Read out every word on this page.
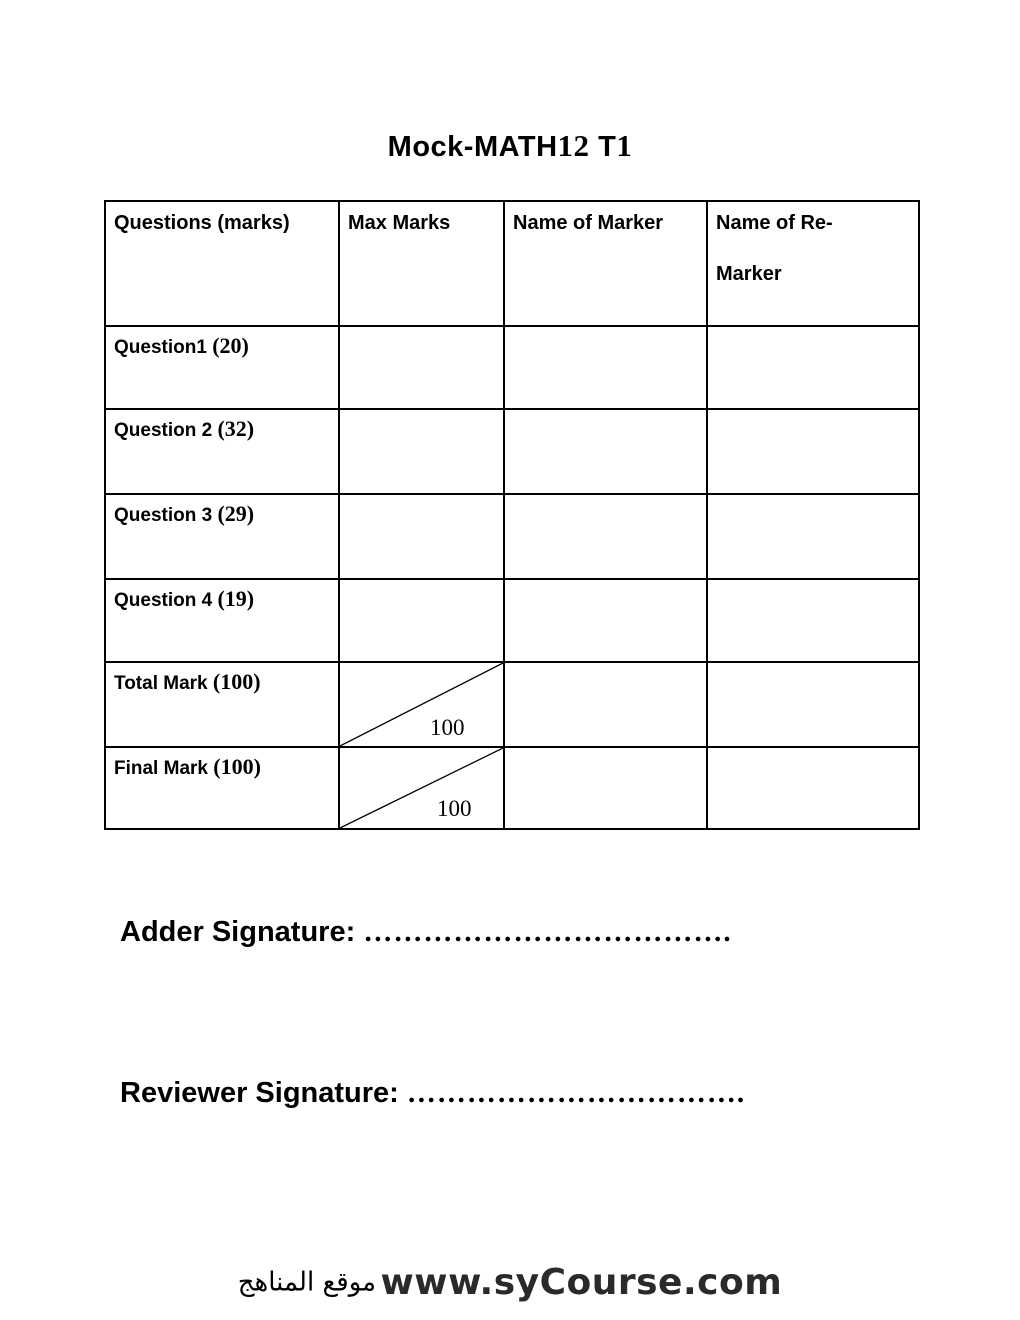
Mock-MATH12 T1
Questions (marks)	Max Marks	Name of Marker	Name of Re-Marker

Question1 (20)			

Question 2 (32)			

Question 3 (29)			

Question 4 (19)			

Total Mark (100)	100		

Final Mark (100)	100		

Adder Signature: ……………………………….
Reviewer Signature: …………………………….
موقع المناهج www.syCourse.com
